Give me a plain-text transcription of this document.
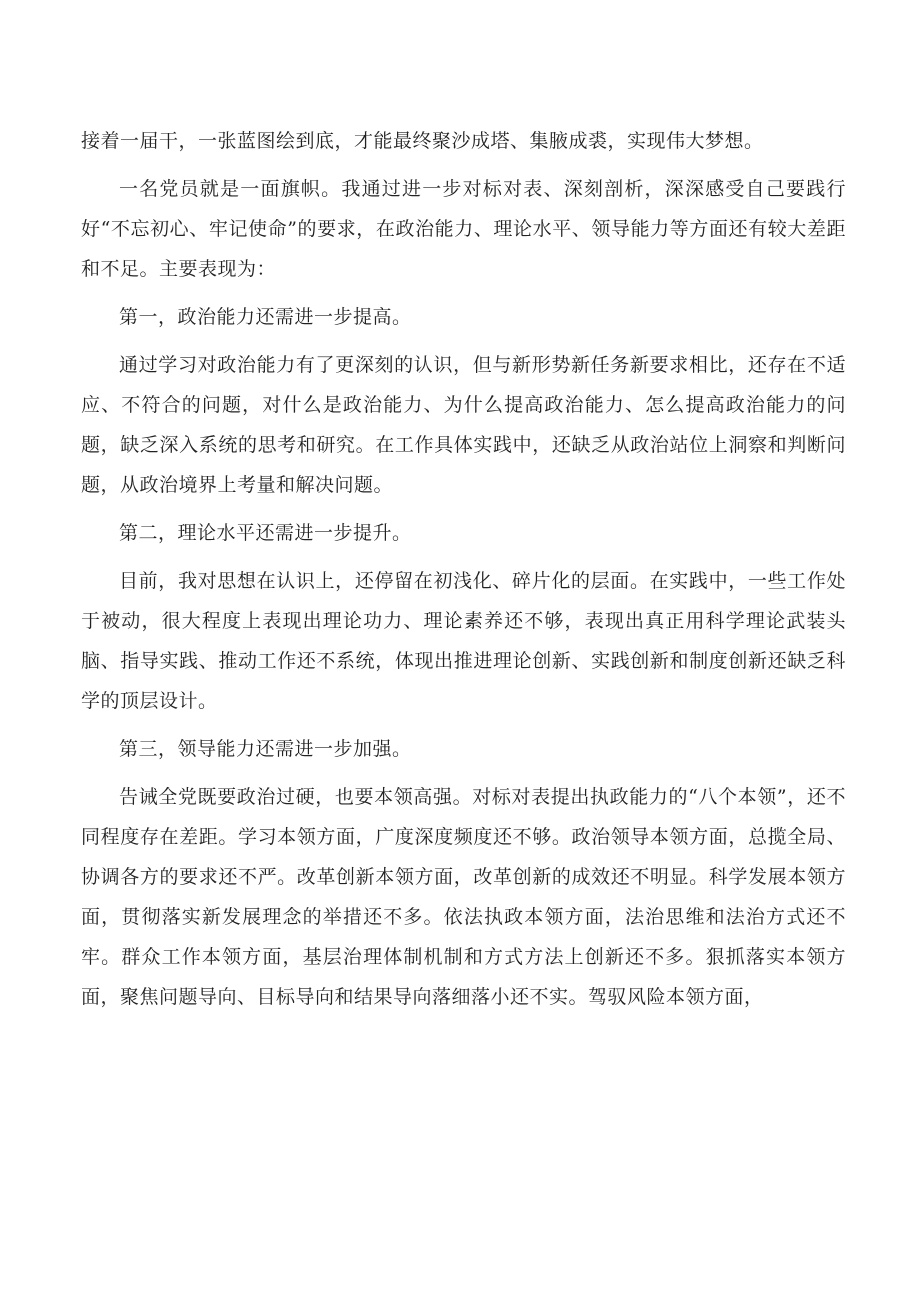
接着一届干，一张蓝图绘到底，才能最终聚沙成塔、集腋成裘，实现伟大梦想。

一名党员就是一面旗帜。我通过进一步对标对表、深刻剖析，深深感受自己要践行好“不忘初心、牢记使命”的要求，在政治能力、理论水平、领导能力等方面还有较大差距和不足。主要表现为：

第一，政治能力还需进一步提高。

通过学习对政治能力有了更深刻的认识，但与新形势新任务新要求相比，还存在不适应、不符合的问题，对什么是政治能力、为什么提高政治能力、怎么提高政治能力的问题，缺乏深入系统的思考和研究。在工作具体实践中，还缺乏从政治站位上洞察和判断问题，从政治境界上考量和解决问题。

第二，理论水平还需进一步提升。

目前，我对思想在认识上，还停留在初浅化、碎片化的层面。在实践中，一些工作处于被动，很大程度上表现出理论功力、理论素养还不够，表现出真正用科学理论武装头脑、指导实践、推动工作还不系统，体现出推进理论创新、实践创新和制度创新还缺乏科学的顶层设计。

第三，领导能力还需进一步加强。

告诫全党既要政治过硬，也要本领高强。对标对表提出执政能力的“八个本领”，还不同程度存在差距。学习本领方面，广度深度频度还不够。政治领导本领方面，总揽全局、协调各方的要求还不严。改革创新本领方面，改革创新的成效还不明显。科学发展本领方面，贯彻落实新发展理念的举措还不多。依法执政本领方面，法治思维和法治方式还不牢。群众工作本领方面，基层治理体制机制和方式方法上创新还不多。狠抓落实本领方面，聚焦问题导向、目标导向和结果导向落细落小还不实。驾驭风险本领方面，
